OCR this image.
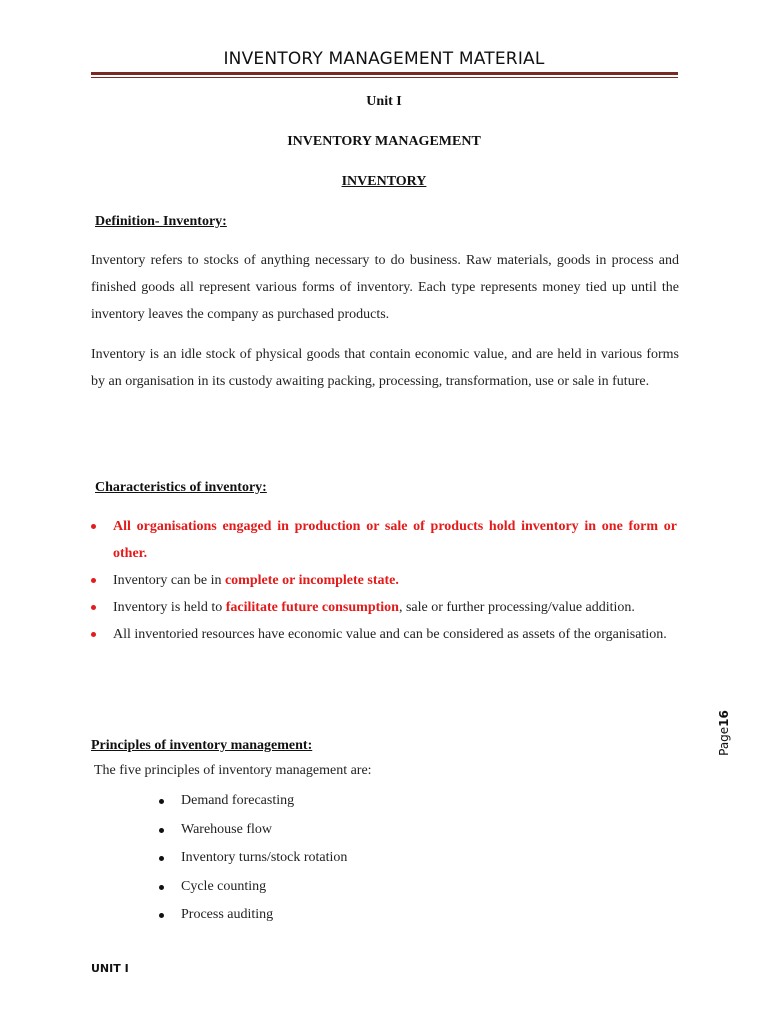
INVENTORY MANAGEMENT MATERIAL
Unit I
INVENTORY MANAGEMENT
INVENTORY
Definition- Inventory:

Inventory refers to stocks of anything necessary to do business. Raw materials, goods in process and finished goods all represent various forms of inventory. Each type represents money tied up until the inventory leaves the company as purchased products.

Inventory is an idle stock of physical goods that contain economic value, and are held in various forms by an organisation in its custody awaiting packing, processing, transformation, use or sale in future.

Characteristics of inventory:
All organisations engaged in production or sale of products hold inventory in one form or other.
Inventory can be in complete or incomplete state.
Inventory is held to facilitate future consumption, sale or further processing/value addition.
All inventoried resources have economic value and can be considered as assets of the organisation.
Principles of inventory management:
The five principles of inventory management are:
Demand forecasting
Warehouse flow
Inventory turns/stock rotation
Cycle counting
Process auditing
UNIT I
Page16
